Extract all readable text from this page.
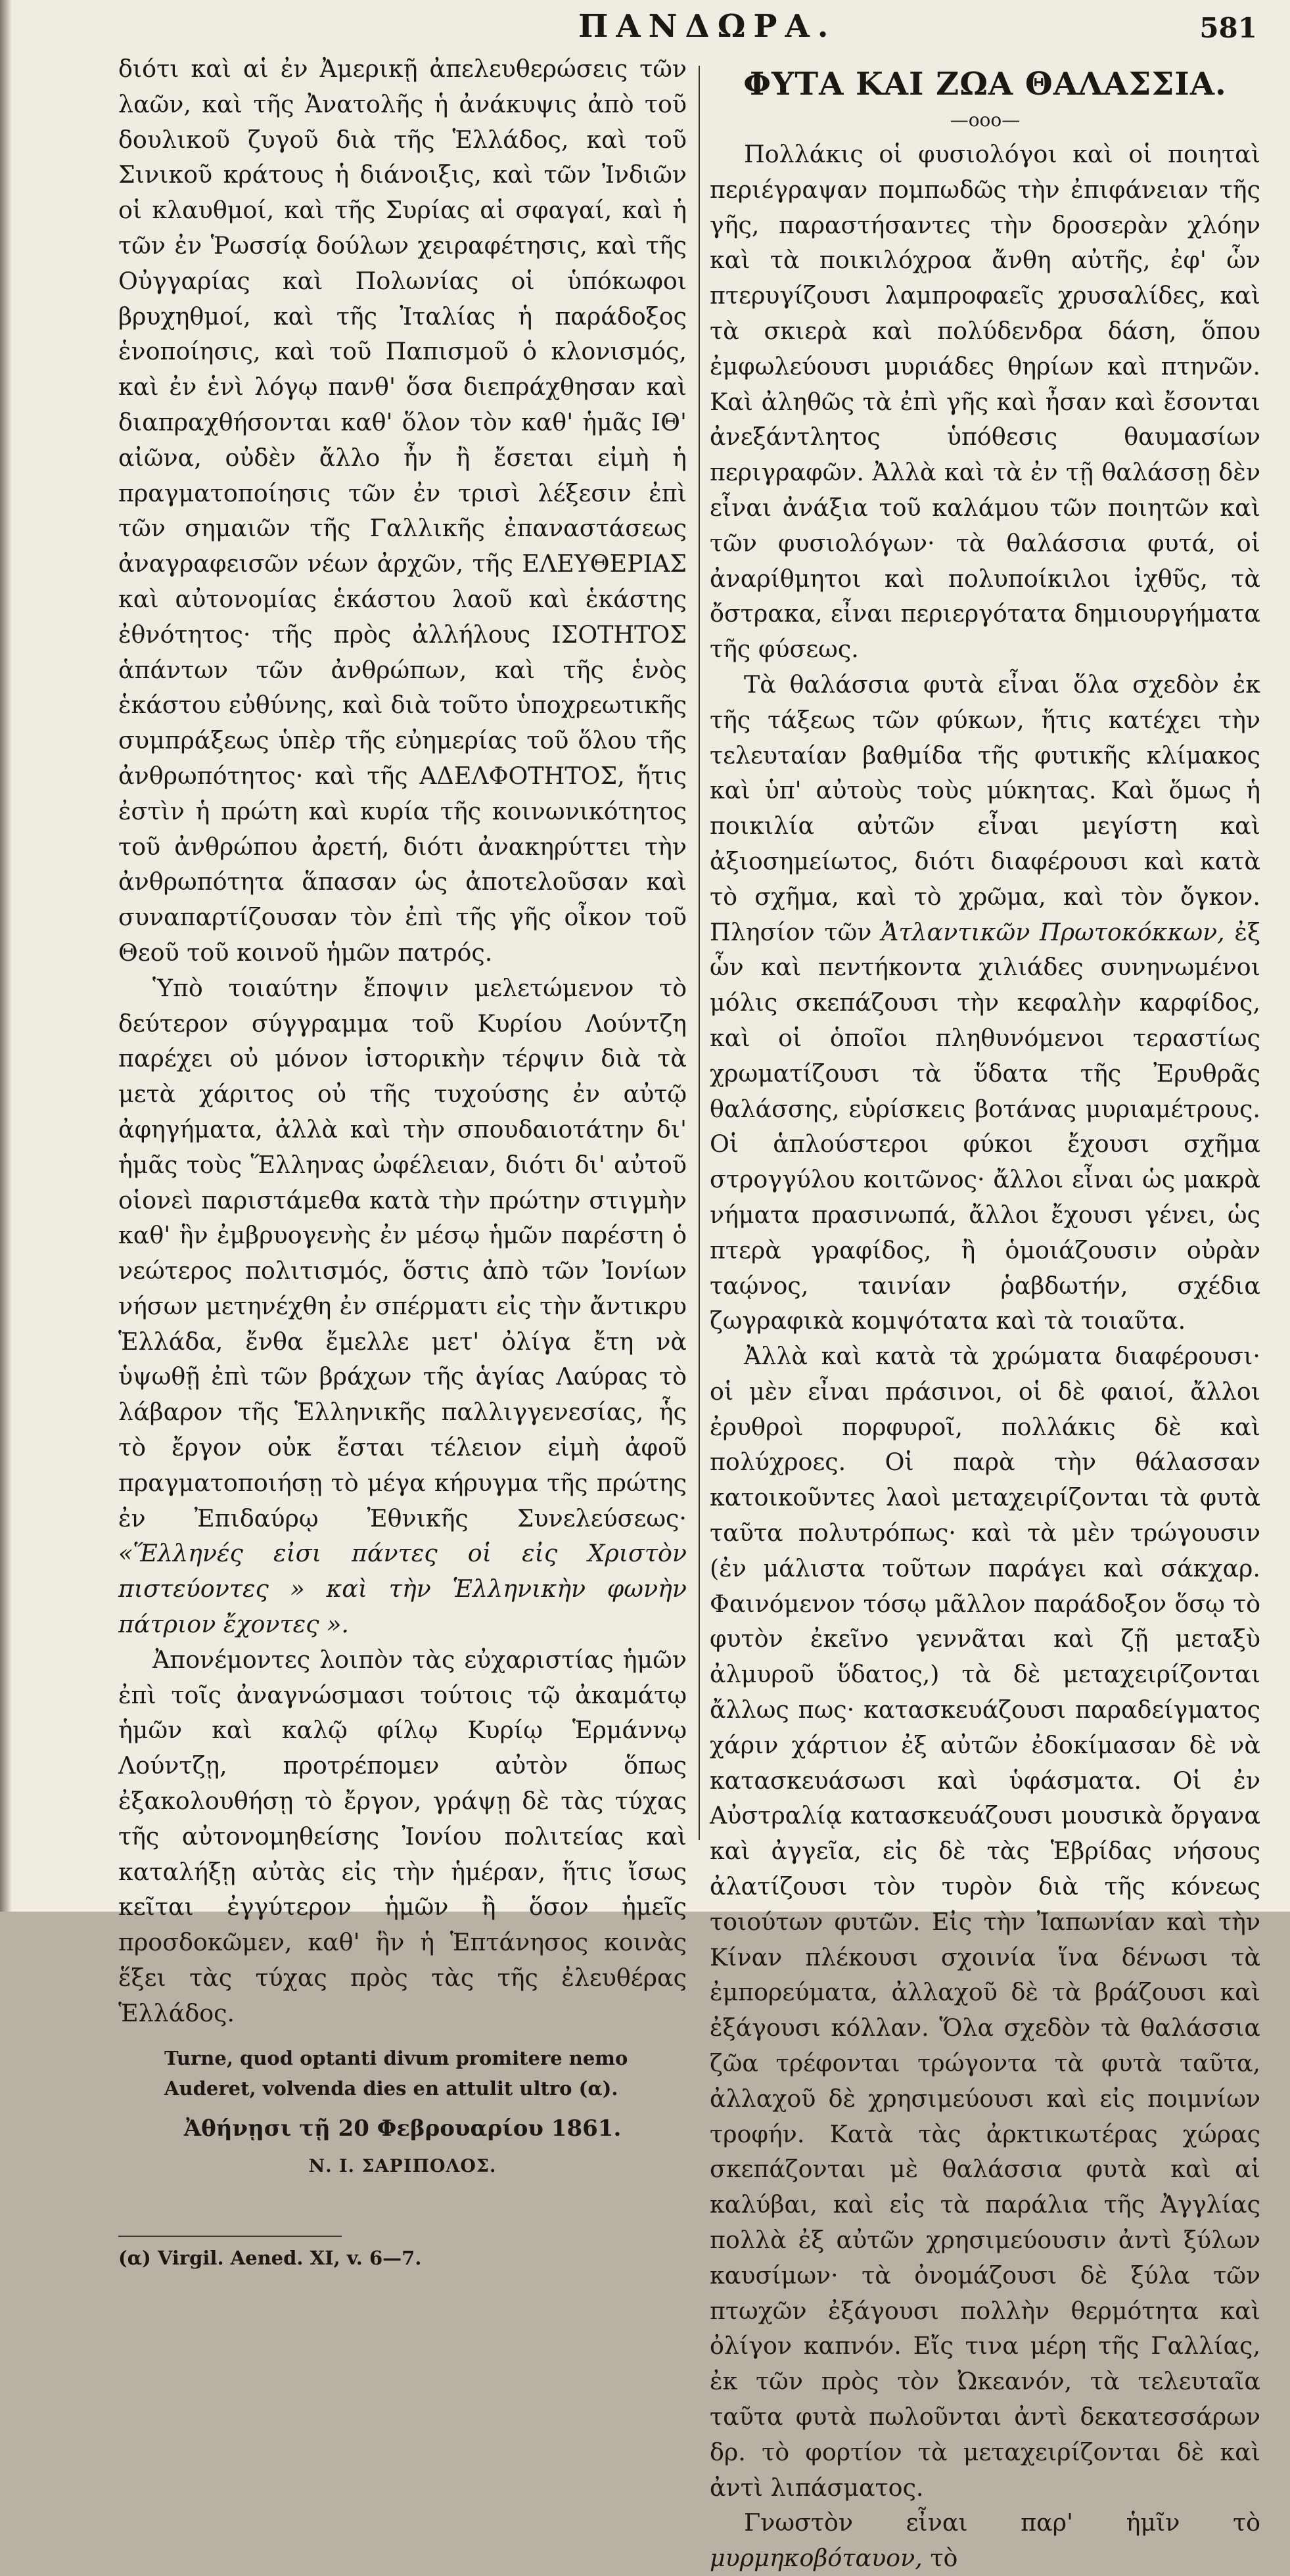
ΠΑΝΔΩΡΑ.	581

διότι καὶ αἱ ἐν Ἀμερικῇ ἀπελευθερώσεις τῶν λαῶν, καὶ τῆς Ἀνατολῆς ἡ ἀνάκυψις ἀπὸ τοῦ δουλικοῦ ζυγοῦ διὰ τῆς Ἑλλάδος, καὶ τοῦ Σινικοῦ κράτους ἡ διάνοιξις, καὶ τῶν Ἰνδιῶν οἱ κλαυθμοί, καὶ τῆς Συρίας αἱ σφαγαί, καὶ ἡ τῶν ἐν Ῥωσσίᾳ δούλων χειραφέτησις, καὶ τῆς Οὐγγαρίας καὶ Πολωνίας οἱ ὑπόκωφοι βρυχηθμοί, καὶ τῆς Ἰταλίας ἡ παράδοξος ἑνοποίησις, καὶ τοῦ Παπισμοῦ ὁ κλονισμός, καὶ ἐν ἑνὶ λόγῳ πανθ' ὅσα διεπράχθησαν καὶ διαπραχθήσονται καθ' ὅλον τὸν καθ' ἡμᾶς ΙΘ' αἰῶνα, οὐδὲν ἄλλο ἦν ἢ ἔσεται εἰμὴ ἡ πραγματοποίησις τῶν ἐν τρισὶ λέξεσιν ἐπὶ τῶν σημαιῶν τῆς Γαλλικῆς ἐπαναστάσεως ἀναγραφεισῶν νέων ἀρχῶν, τῆς ΕΛΕΥΘΕΡΙΑΣ καὶ αὐτονομίας ἑκάστου λαοῦ καὶ ἑκάστης ἐθνότητος· τῆς πρὸς ἀλλήλους ΙΣΟΤΗΤΟΣ ἁπάντων τῶν ἀνθρώπων, καὶ τῆς ἑνὸς ἑκάστου εὐθύνης, καὶ διὰ τοῦτο ὑποχρεωτικῆς συμπράξεως ὑπὲρ τῆς εὐημερίας τοῦ ὅλου τῆς ἀνθρωπότητος· καὶ τῆς ΑΔΕΛΦΟΤΗΤΟΣ, ἥτις ἐστὶν ἡ πρώτη καὶ κυρία τῆς κοινωνικότητος τοῦ ἀνθρώπου ἀρετή, διότι ἀνακηρύττει τὴν ἀνθρωπότητα ἅπασαν ὡς ἀποτελοῦσαν καὶ συναπαρτίζουσαν τὸν ἐπὶ τῆς γῆς οἶκον τοῦ Θεοῦ τοῦ κοινοῦ ἡμῶν πατρός.

Ὑπὸ τοιαύτην ἔποψιν μελετώμενον τὸ δεύτερον σύγγραμμα τοῦ Κυρίου Λούντζη παρέχει οὐ μόνον ἱστορικὴν τέρψιν διὰ τὰ μετὰ χάριτος οὐ τῆς τυχούσης ἐν αὐτῷ ἀφηγήματα, ἀλλὰ καὶ τὴν σπουδαιοτάτην δι' ἡμᾶς τοὺς Ἕλληνας ὠφέλειαν, διότι δι' αὐτοῦ οἱονεὶ παριστάμεθα κατὰ τὴν πρώτην στιγμὴν καθ' ἣν ἐμβρυογενὴς ἐν μέσῳ ἡμῶν παρέστη ὁ νεώτερος πολιτισμός, ὅστις ἀπὸ τῶν Ἰονίων νήσων μετηνέχθη ἐν σπέρματι εἰς τὴν ἄντικρυ Ἑλλάδα, ἔνθα ἔμελλε μετ' ὀλίγα ἔτη νὰ ὑψωθῇ ἐπὶ τῶν βράχων τῆς ἁγίας Λαύρας τὸ λάβαρον τῆς Ἑλληνικῆς παλλιγγενεσίας, ἧς τὸ ἔργον οὐκ ἔσται τέλειον εἰμὴ ἀφοῦ πραγματοποιήσῃ τὸ μέγα κήρυγμα τῆς πρώτης ἐν Ἐπιδαύρῳ Ἐθνικῆς Συνελεύσεως· «Ἕλληνές εἰσι πάντες οἱ εἰς Χριστὸν πιστεύοντες » καὶ τὴν Ἑλληνικὴν φωνὴν πάτριον ἔχοντες ».

Ἀπονέμοντες λοιπὸν τὰς εὐχαριστίας ἡμῶν ἐπὶ τοῖς ἀναγνώσμασι τούτοις τῷ ἀκαμάτῳ ἡμῶν καὶ καλῷ φίλῳ Κυρίῳ Ἑρμάννῳ Λούντζῃ, προτρέπομεν αὐτὸν ὅπως ἐξακολουθήσῃ τὸ ἔργον, γράψῃ δὲ τὰς τύχας τῆς αὐτονομηθείσης Ἰονίου πολιτείας καὶ καταλήξῃ αὐτὰς εἰς τὴν ἡμέραν, ἥτις ἴσως κεῖται ἐγγύτερον ἡμῶν ἢ ὅσον ἡμεῖς προσδοκῶμεν, καθ' ἣν ἡ Ἑπτάνησος κοινὰς ἕξει τὰς τύχας πρὸς τὰς τῆς ἐλευθέρας Ἑλλάδος.

Turne, quod optanti divum promitere nemo

Auderet, volvenda dies en attulit ultro (α).

Ἀθήνῃσι τῇ 20 Φεβρουαρίου 1861.

Ν. Ι. ΣΑΡΙΠΟΛΟΣ.

(α) Virgil. Aened. XI, v. 6—7.

ΦΥΤΑ ΚΑΙ ΖΩΑ ΘΑΛΑΣΣΙΑ.

—ooo—

Πολλάκις οἱ φυσιολόγοι καὶ οἱ ποιηταὶ περιέγραψαν πομπωδῶς τὴν ἐπιφάνειαν τῆς γῆς, παραστήσαντες τὴν δροσερὰν χλόην καὶ τὰ ποικιλόχροα ἄνθη αὐτῆς, ἐφ' ὧν πτερυγίζουσι λαμπροφαεῖς χρυσαλίδες, καὶ τὰ σκιερὰ καὶ πολύδενδρα δάση, ὅπου ἐμφωλεύουσι μυριάδες θηρίων καὶ πτηνῶν. Καὶ ἀληθῶς τὰ ἐπὶ γῆς καὶ ἦσαν καὶ ἔσονται ἀνεξάντλητος ὑπόθεσις θαυμασίων περιγραφῶν. Ἀλλὰ καὶ τὰ ἐν τῇ θαλάσσῃ δὲν εἶναι ἀνάξια τοῦ καλάμου τῶν ποιητῶν καὶ τῶν φυσιολόγων· τὰ θαλάσσια φυτά, οἱ ἀναρίθμητοι καὶ πολυποίκιλοι ἰχθῦς, τὰ ὄστρακα, εἶναι περιεργότατα δημιουργήματα τῆς φύσεως.

Τὰ θαλάσσια φυτὰ εἶναι ὅλα σχεδὸν ἐκ τῆς τάξεως τῶν φύκων, ἥτις κατέχει τὴν τελευταίαν βαθμίδα τῆς φυτικῆς κλίμακος καὶ ὑπ' αὐτοὺς τοὺς μύκητας. Καὶ ὅμως ἡ ποικιλία αὐτῶν εἶναι μεγίστη καὶ ἀξιοσημείωτος, διότι διαφέρουσι καὶ κατὰ τὸ σχῆμα, καὶ τὸ χρῶμα, καὶ τὸν ὄγκον. Πλησίον τῶν Ἀτλαντικῶν Πρωτοκόκκων, ἐξ ὧν καὶ πεντήκοντα χιλιάδες συνηνωμένοι μόλις σκεπάζουσι τὴν κεφαλὴν καρφίδος, καὶ οἱ ὁποῖοι πληθυνόμενοι τεραστίως χρωματίζουσι τὰ ὕδατα τῆς Ἐρυθρᾶς θαλάσσης, εὑρίσκεις βοτάνας μυριαμέτρους. Οἱ ἁπλούστεροι φύκοι ἔχουσι σχῆμα στρογγύλου κοιτῶνος· ἄλλοι εἶναι ὡς μακρὰ νήματα πρασινωπά, ἄλλοι ἔχουσι γένει, ὡς πτερὰ γραφίδος, ἢ ὁμοιάζουσιν οὐρὰν ταῴνος, ταινίαν ῥαβδωτήν, σχέδια ζωγραφικὰ κομψότατα καὶ τὰ τοιαῦτα.

Ἀλλὰ καὶ κατὰ τὰ χρώματα διαφέρουσι· οἱ μὲν εἶναι πράσινοι, οἱ δὲ φαιοί, ἄλλοι ἐρυθροὶ πορφυροῖ, πολλάκις δὲ καὶ πολύχροες. Οἱ παρὰ τὴν θάλασσαν κατοικοῦντες λαοὶ μεταχειρίζονται τὰ φυτὰ ταῦτα πολυτρόπως· καὶ τὰ μὲν τρώγουσιν (ἐν μάλιστα τοῦτων παράγει καὶ σάκχαρ. Φαινόμενον τόσῳ μᾶλλον παράδοξον ὅσῳ τὸ φυτὸν ἐκεῖνο γεννᾶται καὶ ζῇ μεταξὺ ἀλμυροῦ ὕδατος,) τὰ δὲ μεταχειρίζονται ἄλλως πως· κατασκευάζουσι παραδείγματος χάριν χάρτιον ἐξ αὐτῶν ἐδοκίμασαν δὲ νὰ κατασκευάσωσι καὶ ὑφάσματα. Οἱ ἐν Αὐστραλίᾳ κατασκευάζουσι μουσικὰ ὄργανα καὶ ἀγγεῖα, εἰς δὲ τὰς Ἑβρίδας νήσους ἀλατίζουσι τὸν τυρὸν διὰ τῆς κόνεως τοιούτων φυτῶν. Εἰς τὴν Ἰαπωνίαν καὶ τὴν Κίναν πλέκουσι σχοινία ἵνα δένωσι τὰ ἐμπορεύματα, ἀλλαχοῦ δὲ τὰ βράζουσι καὶ ἐξάγουσι κόλλαν. Ὅλα σχεδὸν τὰ θαλάσσια ζῶα τρέφονται τρώγοντα τὰ φυτὰ ταῦτα, ἀλλαχοῦ δὲ χρησιμεύουσι καὶ εἰς ποιμνίων τροφήν. Κατὰ τὰς ἀρκτικωτέρας χώρας σκεπάζονται μὲ θαλάσσια φυτὰ καὶ αἱ καλύβαι, καὶ εἰς τὰ παράλια τῆς Ἀγγλίας πολλὰ ἐξ αὐτῶν χρησιμεύουσιν ἀντὶ ξύλων καυσίμων· τὰ ὀνομάζουσι δὲ ξύλα τῶν πτωχῶν ἐξάγουσι πολλὴν θερμότητα καὶ ὀλίγον καπνόν. Εἴς τινα μέρη τῆς Γαλλίας, ἐκ τῶν πρὸς τὸν Ὠκεανόν, τὰ τελευταῖα ταῦτα φυτὰ πωλοῦνται ἀντὶ δεκατεσσάρων δρ. τὸ φορτίον τὰ μεταχειρίζονται δὲ καὶ ἀντὶ λιπάσματος.

Γνωστὸν εἶναι παρ' ἡμῖν τὸ μυρμηκοβόταυον, τὸ
